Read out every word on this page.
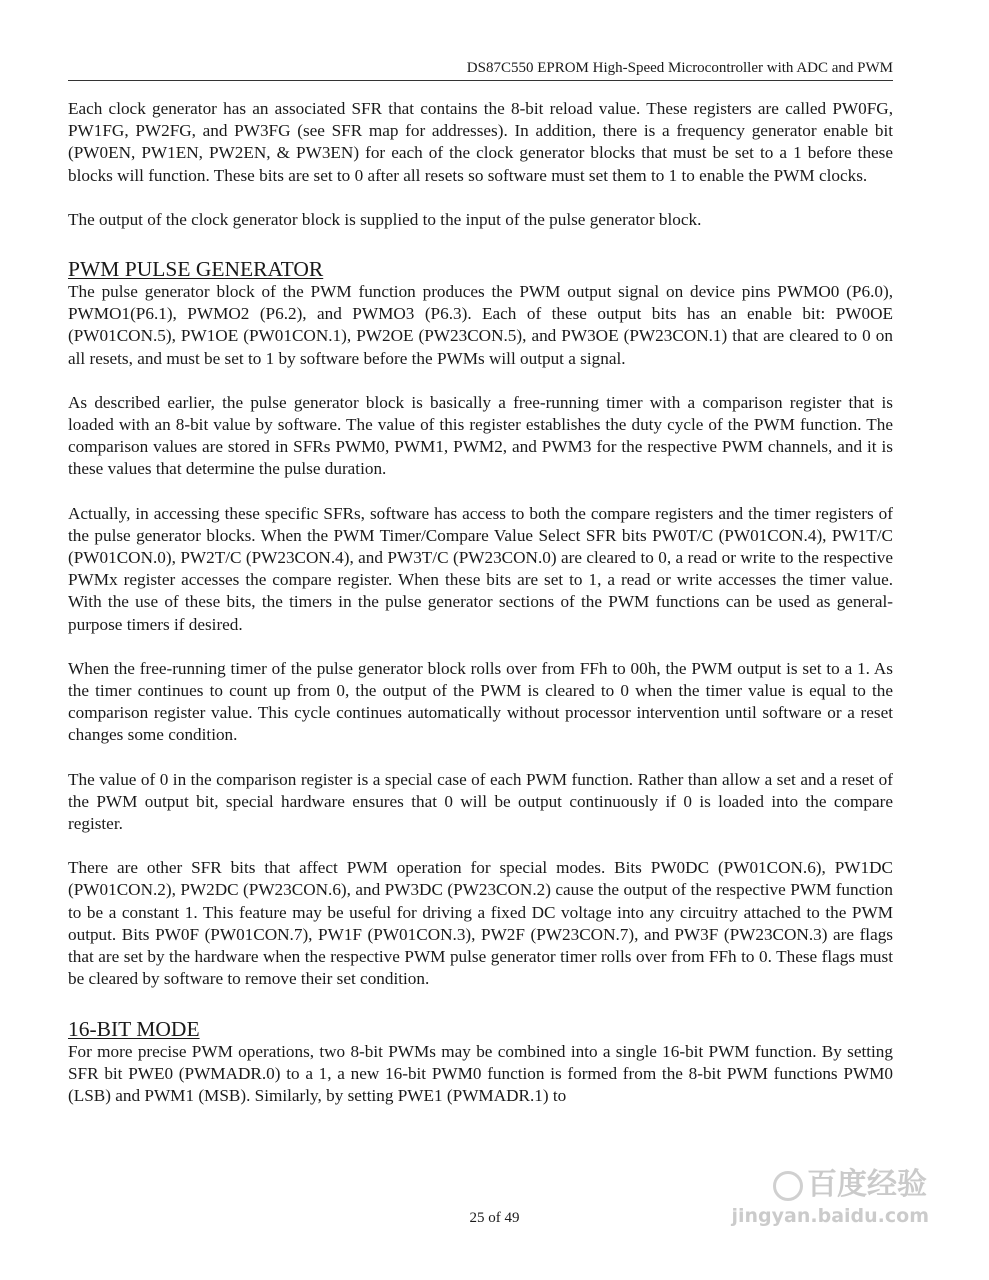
DS87C550 EPROM High-Speed Microcontroller with ADC and PWM

Each clock generator has an associated SFR that contains the 8-bit reload value. These registers are called PW0FG, PW1FG, PW2FG, and PW3FG (see SFR map for addresses). In addition, there is a frequency generator enable bit (PW0EN, PW1EN, PW2EN, & PW3EN) for each of the clock generator blocks that must be set to a 1 before these blocks will function. These bits are set to 0 after all resets so software must set them to 1 to enable the PWM clocks.

The output of the clock generator block is supplied to the input of the pulse generator block.

PWM PULSE GENERATOR

The pulse generator block of the PWM function produces the PWM output signal on device pins PWMO0 (P6.0), PWMO1(P6.1), PWMO2 (P6.2), and PWMO3 (P6.3). Each of these output bits has an enable bit: PW0OE (PW01CON.5), PW1OE (PW01CON.1), PW2OE (PW23CON.5), and PW3OE (PW23CON.1) that are cleared to 0 on all resets, and must be set to 1 by software before the PWMs will output a signal.

As described earlier, the pulse generator block is basically a free-running timer with a comparison register that is loaded with an 8-bit value by software. The value of this register establishes the duty cycle of the PWM function. The comparison values are stored in SFRs PWM0, PWM1, PWM2, and PWM3 for the respective PWM channels, and it is these values that determine the pulse duration.

Actually, in accessing these specific SFRs, software has access to both the compare registers and the timer registers of the pulse generator blocks. When the PWM Timer/Compare Value Select SFR bits PW0T/C (PW01CON.4), PW1T/C (PW01CON.0), PW2T/C (PW23CON.4), and PW3T/C (PW23CON.0) are cleared to 0, a read or write to the respective PWMx register accesses the compare register. When these bits are set to 1, a read or write accesses the timer value. With the use of these bits, the timers in the pulse generator sections of the PWM functions can be used as general-purpose timers if desired.

When the free-running timer of the pulse generator block rolls over from FFh to 00h, the PWM output is set to a 1. As the timer continues to count up from 0, the output of the PWM is cleared to 0 when the timer value is equal to the comparison register value. This cycle continues automatically without processor intervention until software or a reset changes some condition.

The value of 0 in the comparison register is a special case of each PWM function. Rather than allow a set and a reset of the PWM output bit, special hardware ensures that 0 will be output continuously if 0 is loaded into the compare register.

There are other SFR bits that affect PWM operation for special modes. Bits PW0DC (PW01CON.6), PW1DC (PW01CON.2), PW2DC (PW23CON.6), and PW3DC (PW23CON.2) cause the output of the respective PWM function to be a constant 1. This feature may be useful for driving a fixed DC voltage into any circuitry attached to the PWM output. Bits PW0F (PW01CON.7), PW1F (PW01CON.3), PW2F (PW23CON.7), and PW3F (PW23CON.3) are flags that are set by the hardware when the respective PWM pulse generator timer rolls over from FFh to 0. These flags must be cleared by software to remove their set condition.

16-BIT MODE

For more precise PWM operations, two 8-bit PWMs may be combined into a single 16-bit PWM function. By setting SFR bit PWE0 (PWMADR.0) to a 1, a new 16-bit PWM0 function is formed from the 8-bit PWM functions PWM0 (LSB) and PWM1 (MSB). Similarly, by setting PWE1 (PWMADR.1) to

25 of 49
百度经验
jingyan.baidu.com
